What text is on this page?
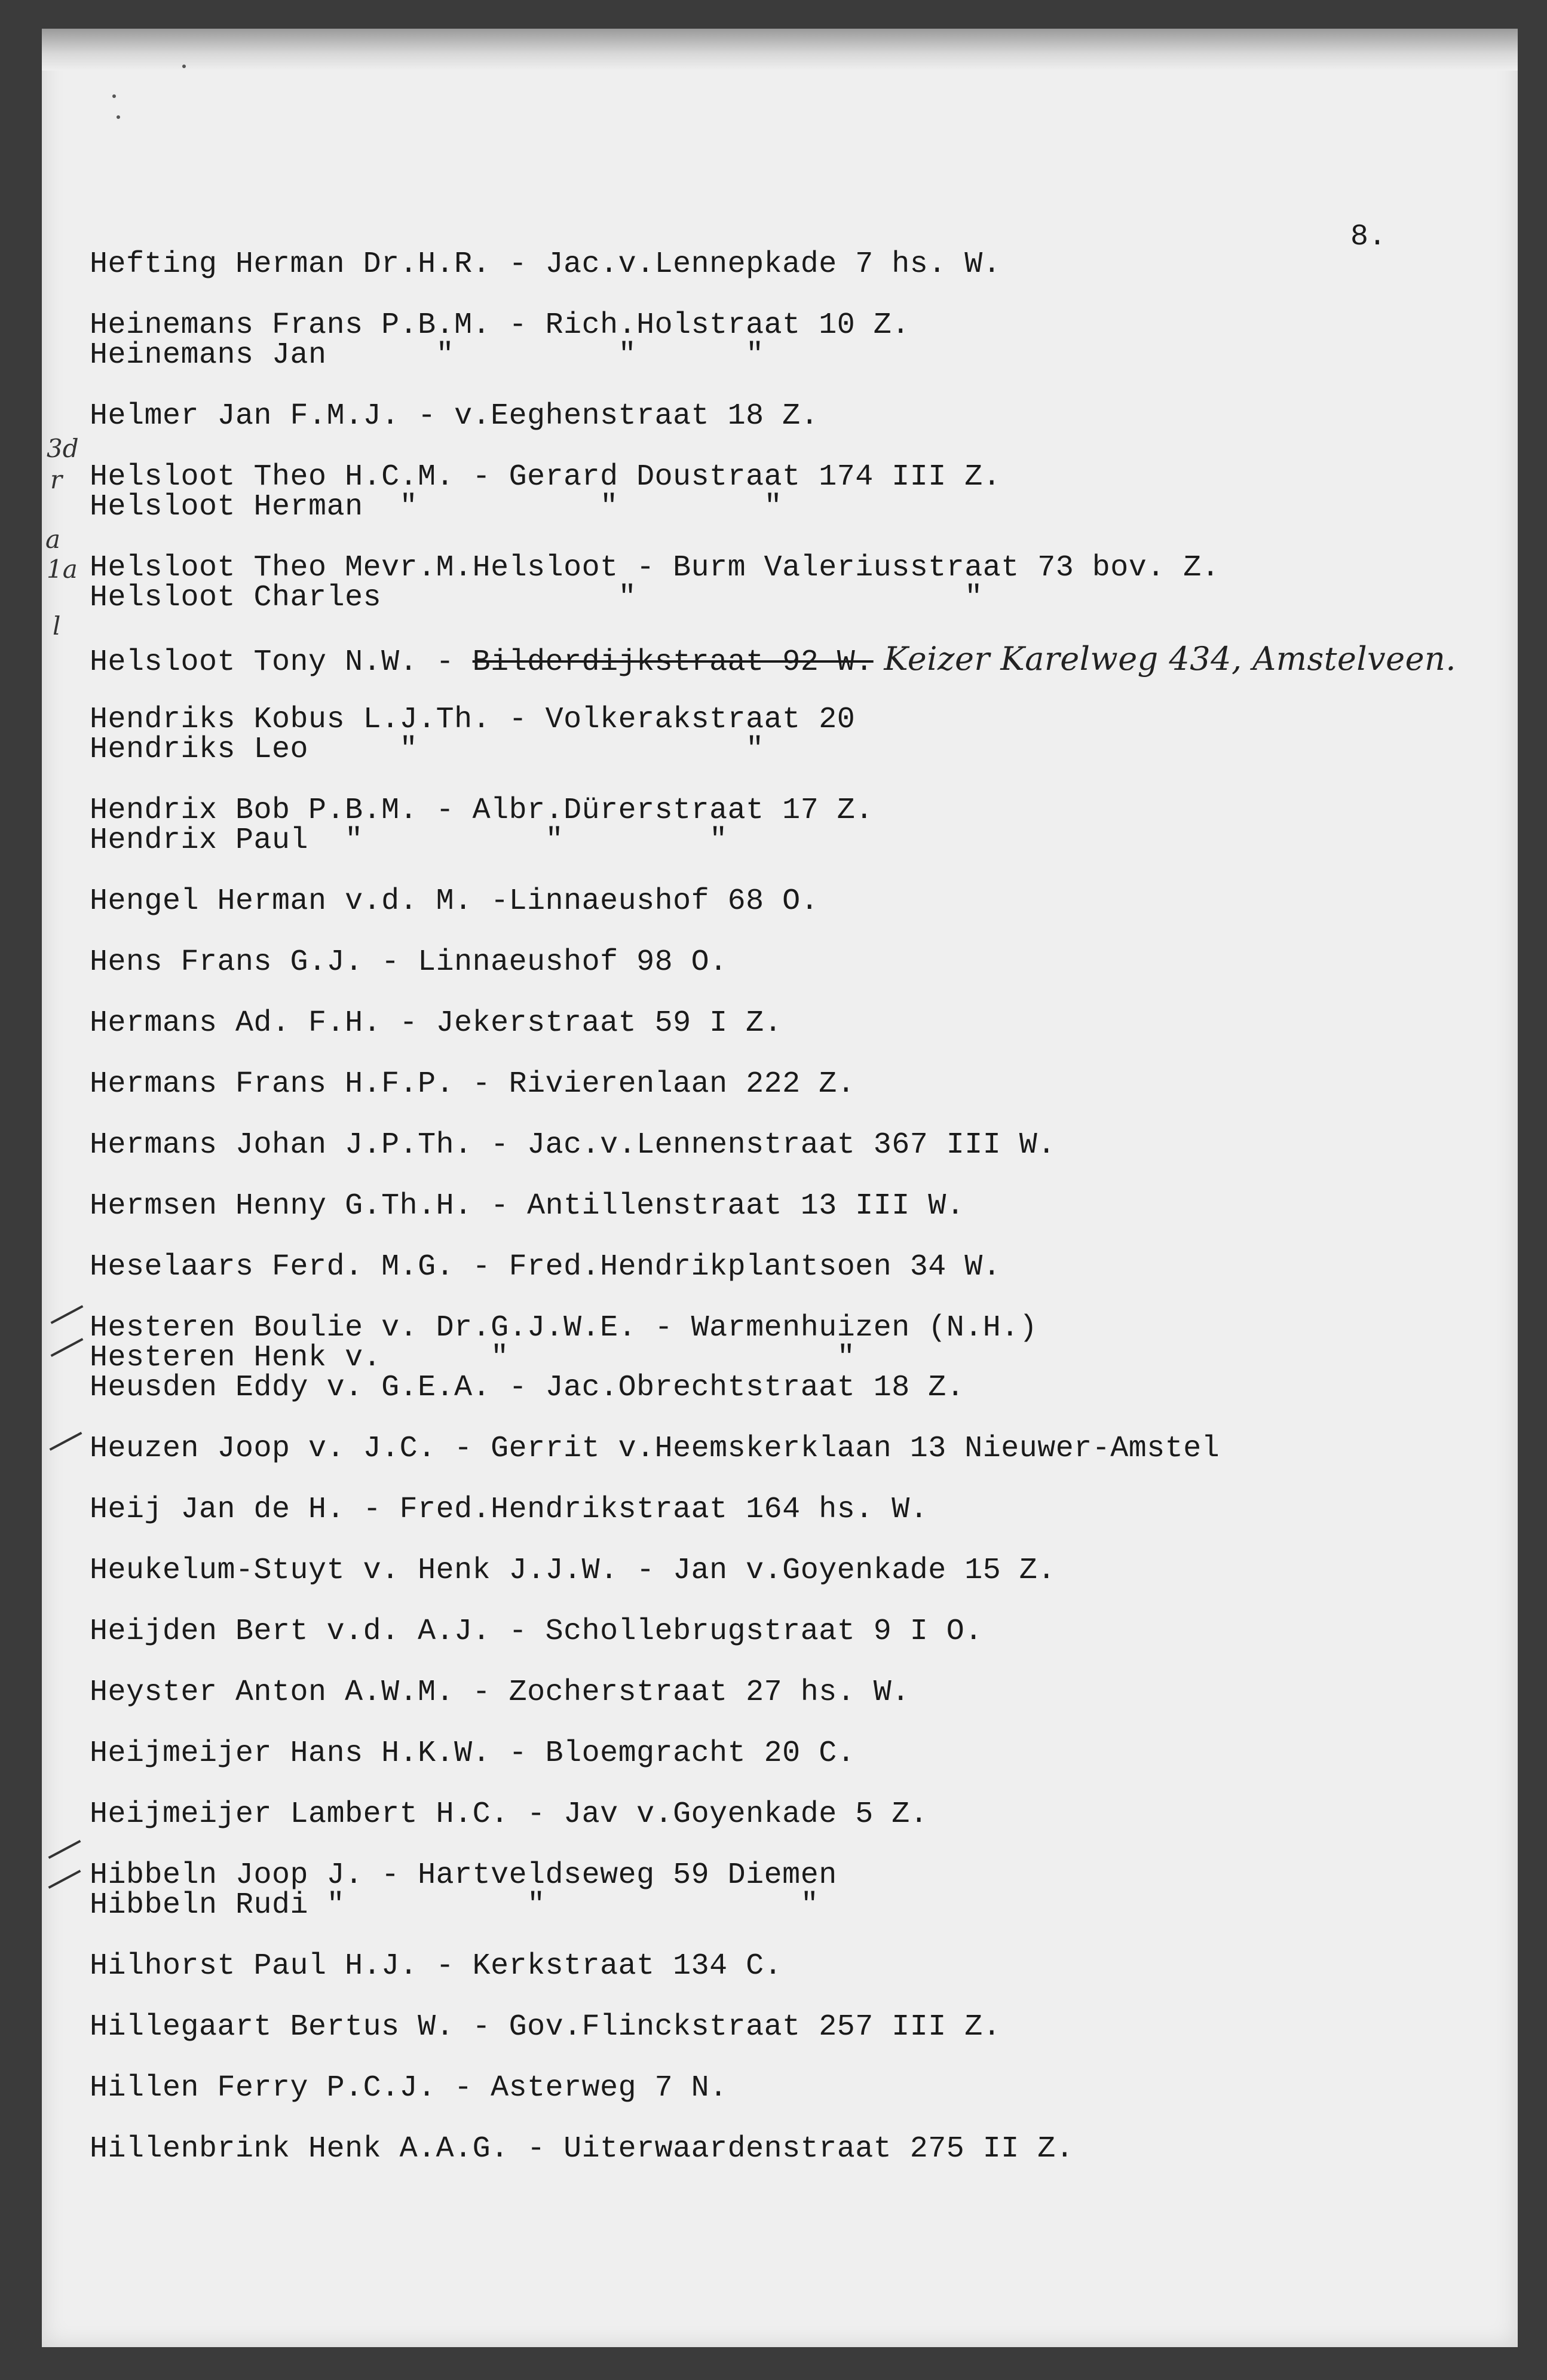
8.
3d
r
a
1a
l
Hefting Herman Dr.H.R. - Jac.v.Lennepkade 7 hs. W.
Heinemans Frans P.B.M. - Rich.Holstraat 10 Z.
Heinemans Jan      "         "      "
Helmer Jan F.M.J. - v.Eeghenstraat 18 Z.
Helsloot Theo H.C.M. - Gerard Doustraat 174 III Z.
Helsloot Herman  "          "        "
Helsloot Theo Mevr.M.Helsloot - Burm Valeriusstraat 73 bov. Z.
Helsloot Charles             "                  "
Helsloot Tony N.W. - Bilderdijkstraat 92 W. Keizer Karelweg 434, Amstelveen.
Hendriks Kobus L.J.Th. - Volkerakstraat 20
Hendriks Leo     "                  "
Hendrix Bob P.B.M. - Albr.Dürerstraat 17 Z.
Hendrix Paul  "          "        "
Hengel Herman v.d. M. -Linnaeushof 68 O.
Hens Frans G.J. - Linnaeushof 98 O.
Hermans Ad. F.H. - Jekerstraat 59 I Z.
Hermans Frans H.F.P. - Rivierenlaan 222 Z.
Hermans Johan J.P.Th. - Jac.v.Lennenstraat 367 III W.
Hermsen Henny G.Th.H. - Antillenstraat 13 III W.
Heselaars Ferd. M.G. - Fred.Hendrikplantsoen 34 W.
Hesteren Boulie v. Dr.G.J.W.E. - Warmenhuizen (N.H.)
Hesteren Henk v.      "                  "
Heusden Eddy v. G.E.A. - Jac.Obrechtstraat 18 Z.
Heuzen Joop v. J.C. - Gerrit v.Heemskerklaan 13 Nieuwer-Amstel
Heij Jan de H. - Fred.Hendrikstraat 164 hs. W.
Heukelum-Stuyt v. Henk J.J.W. - Jan v.Goyenkade 15 Z.
Heijden Bert v.d. A.J. - Schollebrugstraat 9 I O.
Heyster Anton A.W.M. - Zocherstraat 27 hs. W.
Heijmeijer Hans H.K.W. - Bloemgracht 20 C.
Heijmeijer Lambert H.C. - Jav v.Goyenkade 5 Z.
Hibbeln Joop J. - Hartveldseweg 59 Diemen
Hibbeln Rudi "          "              "
Hilhorst Paul H.J. - Kerkstraat 134 C.
Hillegaart Bertus W. - Gov.Flinckstraat 257 III Z.
Hillen Ferry P.C.J. - Asterweg 7 N.
Hillenbrink Henk A.A.G. - Uiterwaardenstraat 275 II Z.
